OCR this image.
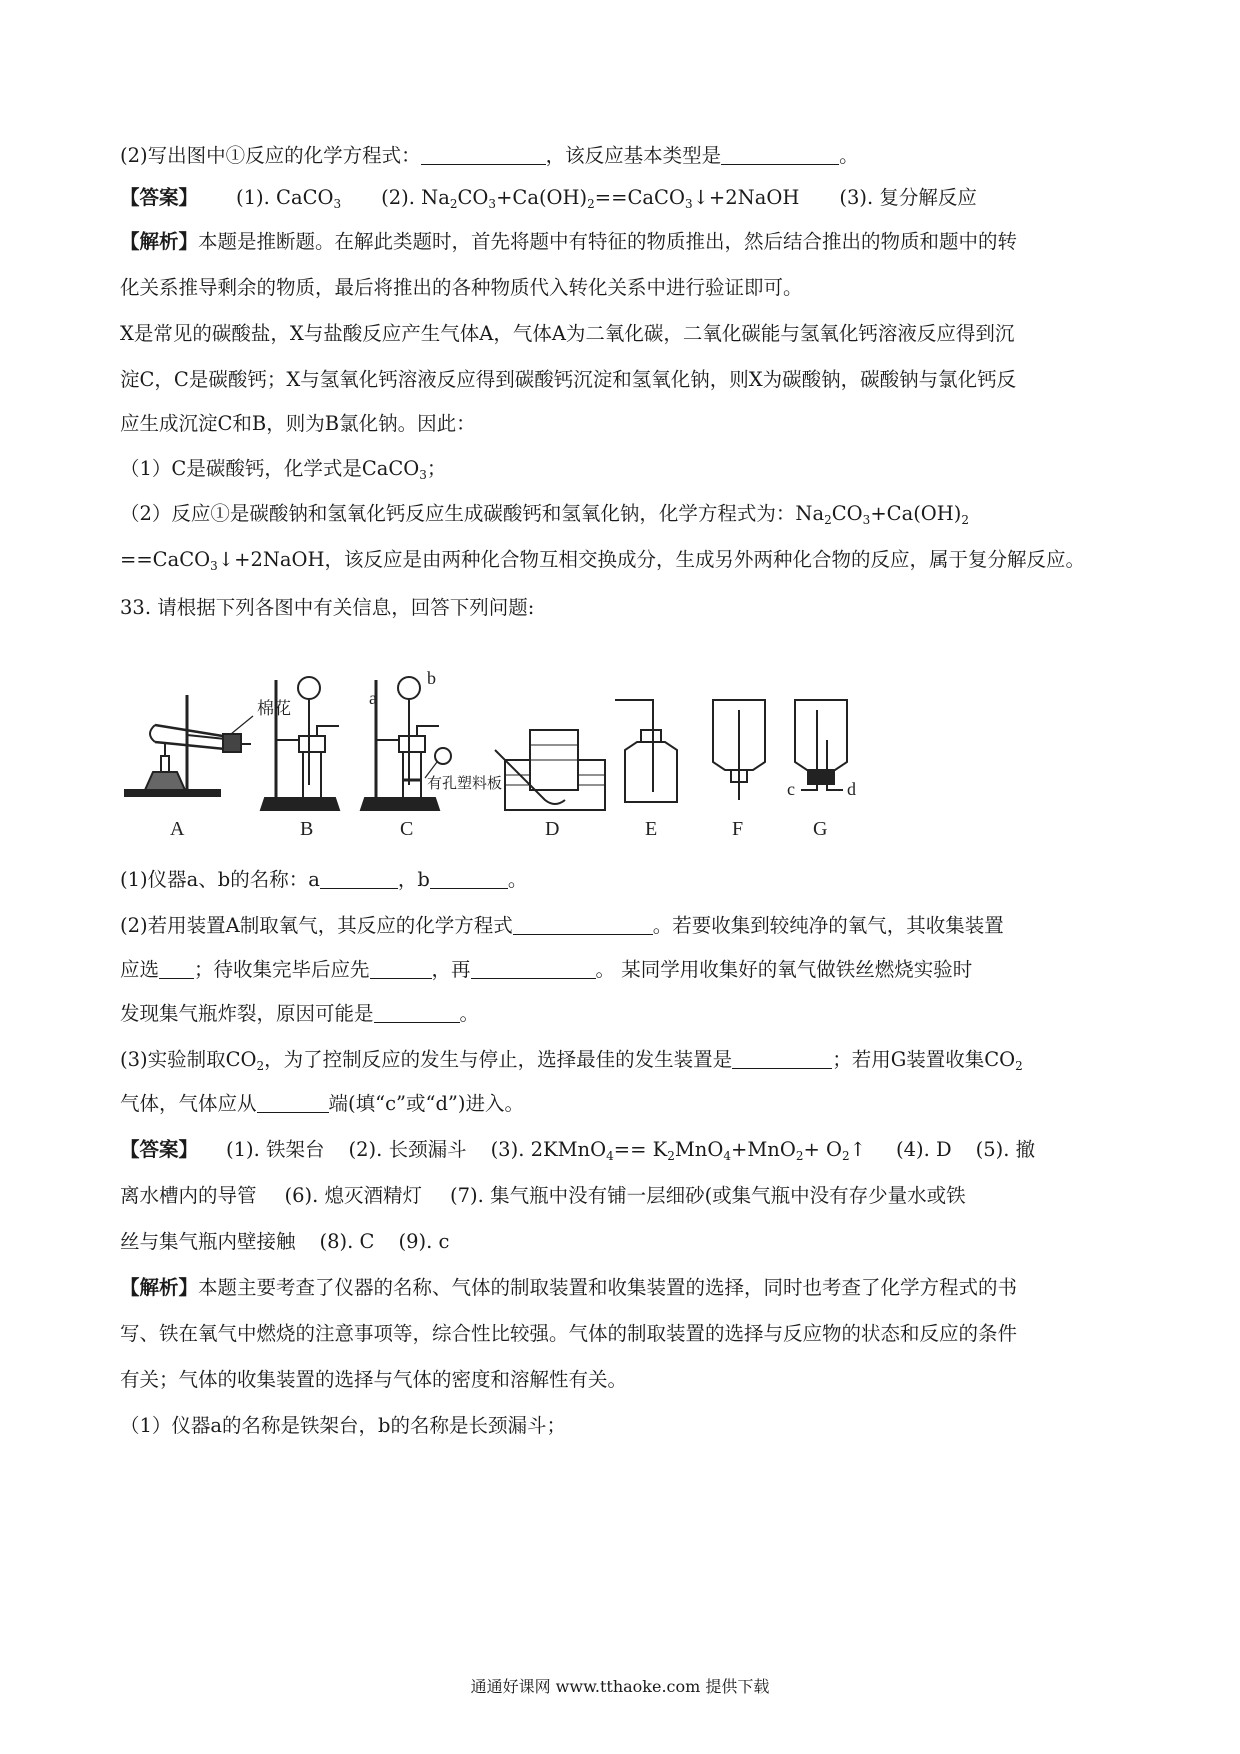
(2)写出图中①反应的化学方程式：	，该反应基本类型是	。
【答案】 (1). CaCO$_3$ (2). $Na_2CO_3+Ca(OH)_2==CaCO_3↓+2NaOH$ (3). 复分解反应
【解析】本题是推断题。在解此类题时，首先将题中有特征的物质推出，然后结合推出的物质和题中的转
化关系推导剩余的物质，最后将推出的各种物质代入转化关系中进行验证即可。
X是常见的碳酸盐，X与盐酸反应产生气体A，气体A为二氧化碳，二氧化碳能与氢氧化钙溶液反应得到沉
淀C，C是碳酸钙；X与氢氧化钙溶液反应得到碳酸钙沉淀和氢氧化钠，则X为碳酸钠，碳酸钠与氯化钙反
应生成沉淀C和B，则为B氯化钠。因此：
（1）C是碳酸钙，化学式是CaCO$_3$；
（2）反应①是碳酸钠和氢氧化钙反应生成碳酸钙和氢氧化钠，化学方程式为：$Na_2CO_3+Ca(OH)_2$
==CaCO$_3$↓+2NaOH，该反应是由两种化合物互相交换成分，生成另外两种化合物的反应，属于复分解反应。
33. 请根据下列各图中有关信息，回答下列问题:
棉花
a
b
有孔塑料板	c	d
A	B	C	D	E	F	G
(1)仪器a、b的名称：a	，b	。
(2)若用装置A制取氧气，其反应的化学方程式	。若要收集到较纯净的氧气，其收集装置
应选 ；待收集完毕后应先	，再	。 某同学用收集好的氧气做铁丝燃烧实验时
发现集气瓶炸裂，原因可能是	。
(3)实验制取$CO_2$，为了控制反应的发生与停止，选择最佳的发生装置是	；若用G装置收集$CO_2$
气体，气体应从	端(填“c”或“d”)进入。
【答案】 (1). 铁架台 (2). 长颈漏斗 (3). 2KMnO$_4$== $K_2MnO_4+MnO_2+$ $O_2↑$ (4). D (5). 撤
离水槽内的导管 (6). 熄灭酒精灯 (7). 集气瓶中没有铺一层细砂(或集气瓶中没有存少量水或铁
丝与集气瓶内壁接触 (8). C (9). c
【解析】本题主要考查了仪器的名称、气体的制取装置和收集装置的选择，同时也考查了化学方程式的书
写、铁在氧气中燃烧的注意事项等，综合性比较强。气体的制取装置的选择与反应物的状态和反应的条件
有关；气体的收集装置的选择与气体的密度和溶解性有关。
（1）仪器a的名称是铁架台，b的名称是长颈漏斗；
通通好课网 www.tthaoke.com 提供下载
